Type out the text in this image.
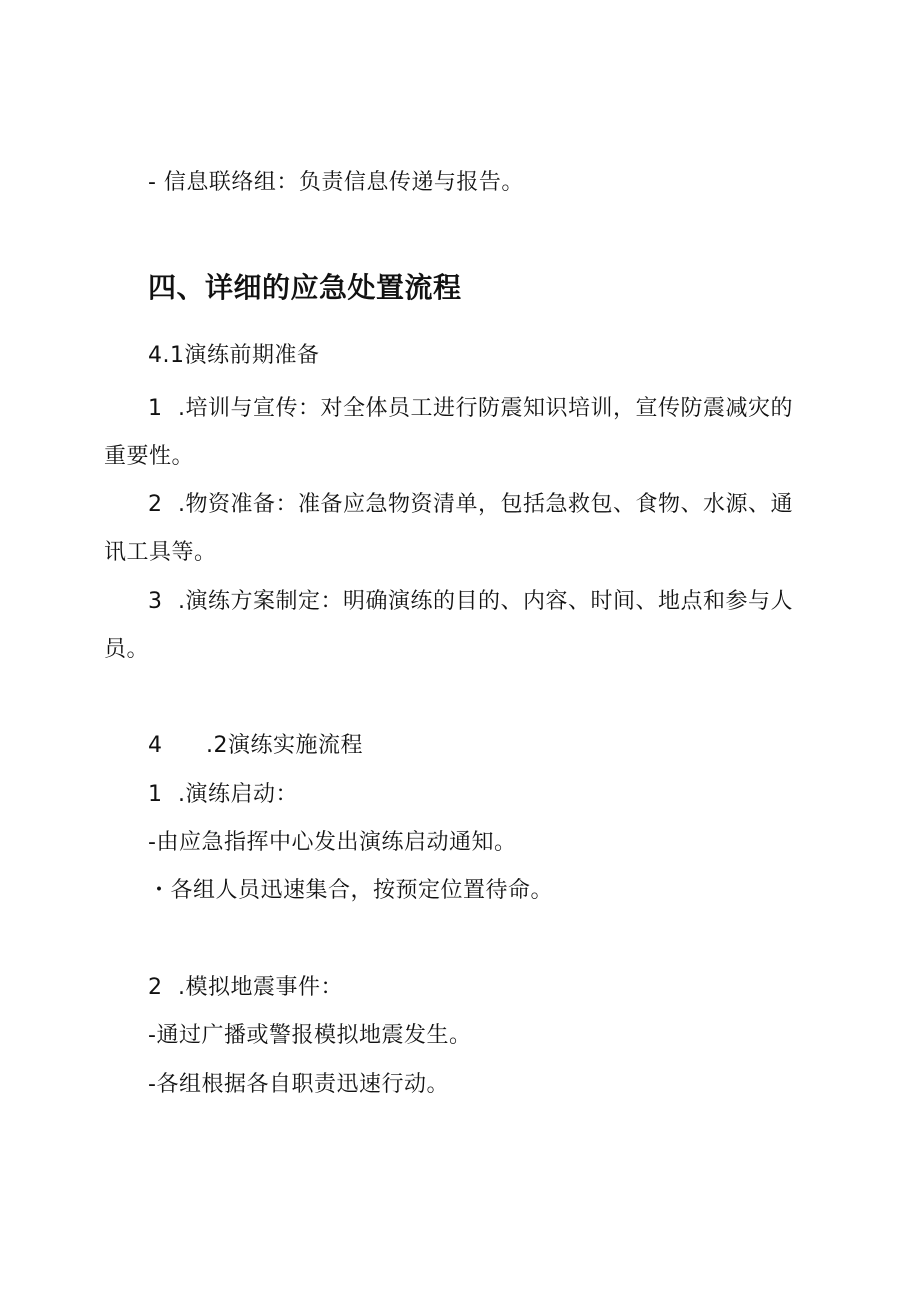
- 信息联络组：负责信息传递与报告。
四、详细的应急处置流程
4.1演练前期准备
1 .培训与宣传：对全体员工进行防震知识培训，宣传防震减灾的
重要性。
2 .物资准备：准备应急物资清单，包括急救包、食物、水源、通
讯工具等。
3 .演练方案制定：明确演练的目的、内容、时间、地点和参与人
员。
4 .2演练实施流程
1 .演练启动：
-由应急指挥中心发出演练启动通知。
・各组人员迅速集合，按预定位置待命。
2 .模拟地震事件：
-通过广播或警报模拟地震发生。
-各组根据各自职责迅速行动。
